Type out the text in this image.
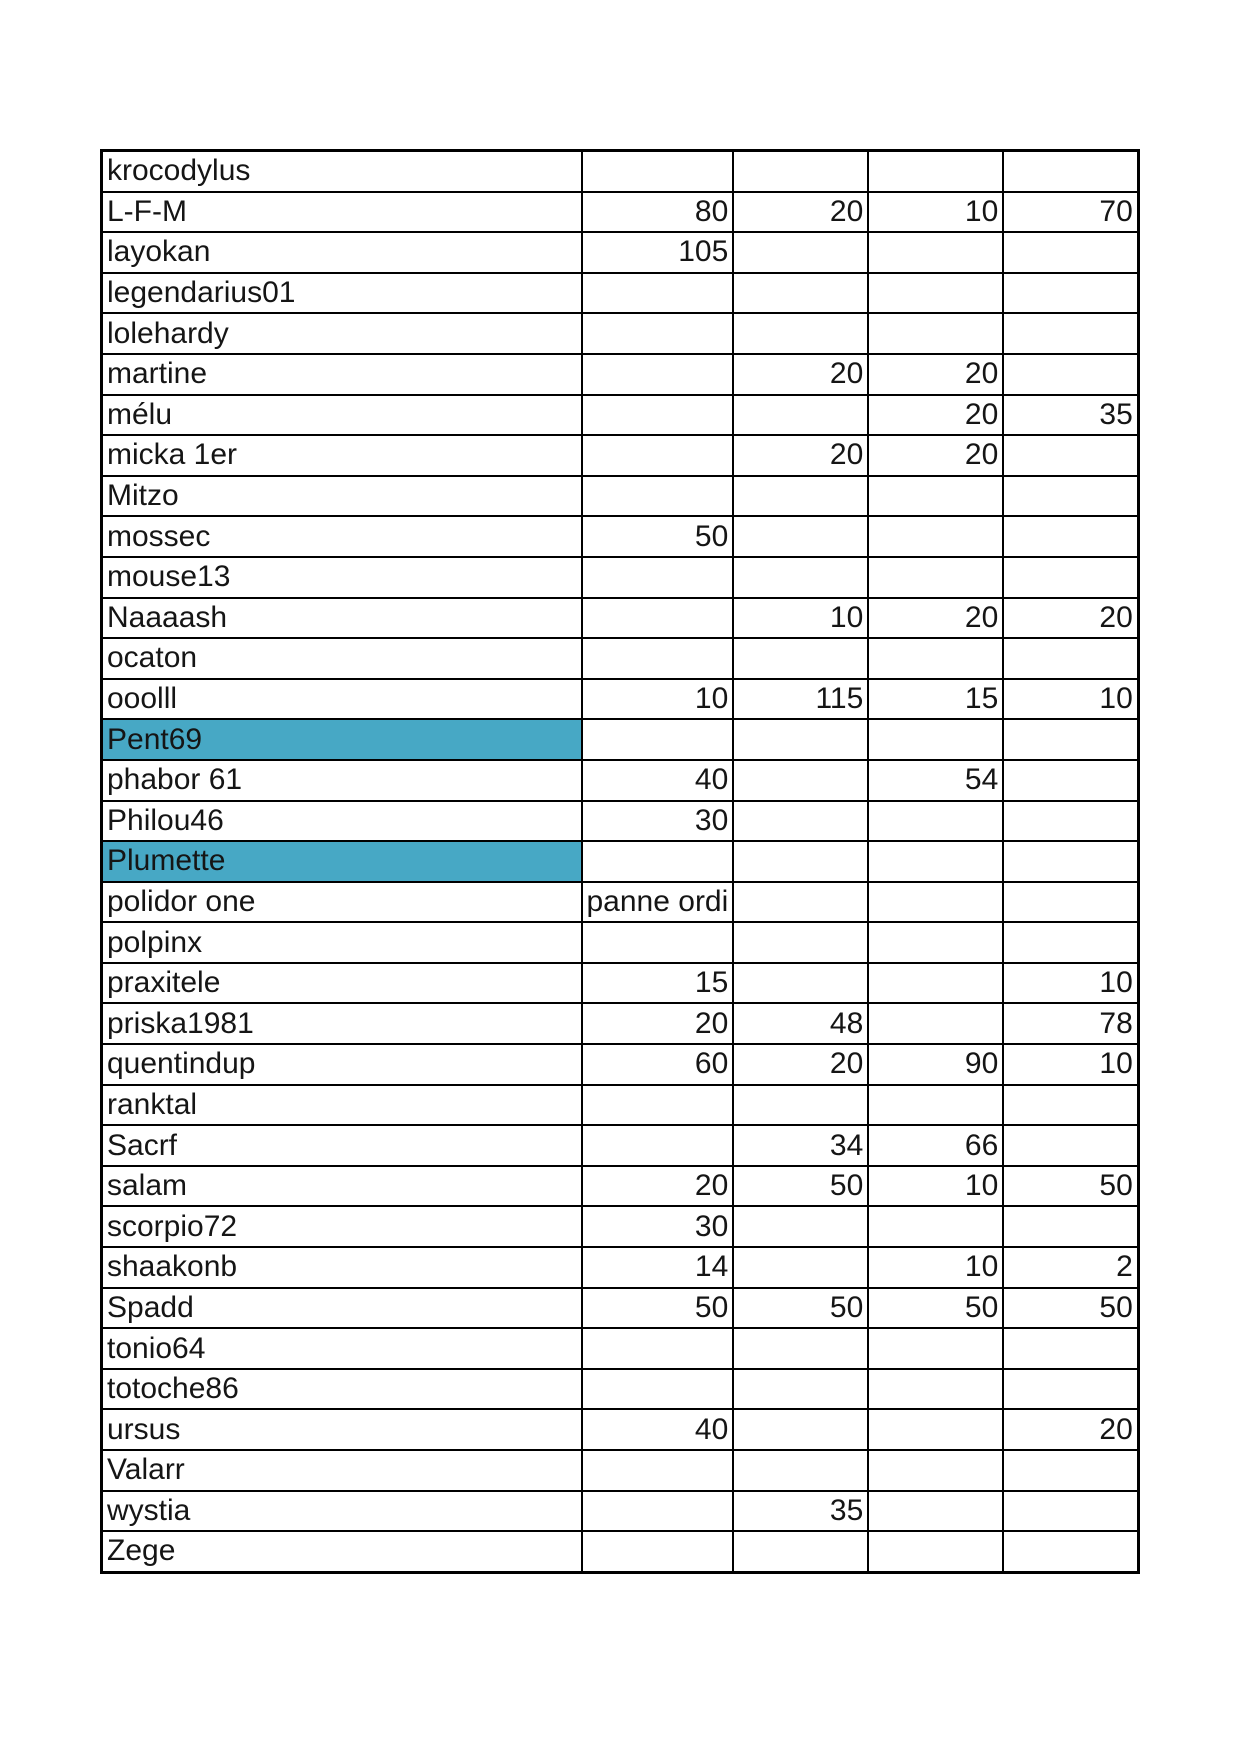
krocodylus				
L-F-M	80	20	10	70
layokan	105			
legendarius01				
lolehardy				
martine		20	20	
mélu			20	35
micka 1er		20	20	
Mitzo				
mossec	50			
mouse13				
Naaaash		10	20	20
ocaton				
ooolll	10	115	15	10
Pent69				
phabor 61	40		54	
Philou46	30			
Plumette				
polidor one	panne ordi			
polpinx				
praxitele	15			10
priska1981	20	48		78
quentindup	60	20	90	10
ranktal				
Sacrf		34	66	
salam	20	50	10	50
scorpio72	30			
shaakonb	14		10	2
Spadd	50	50	50	50
tonio64				
totoche86				
ursus	40			20
Valarr				
wystia		35		
Zege				
